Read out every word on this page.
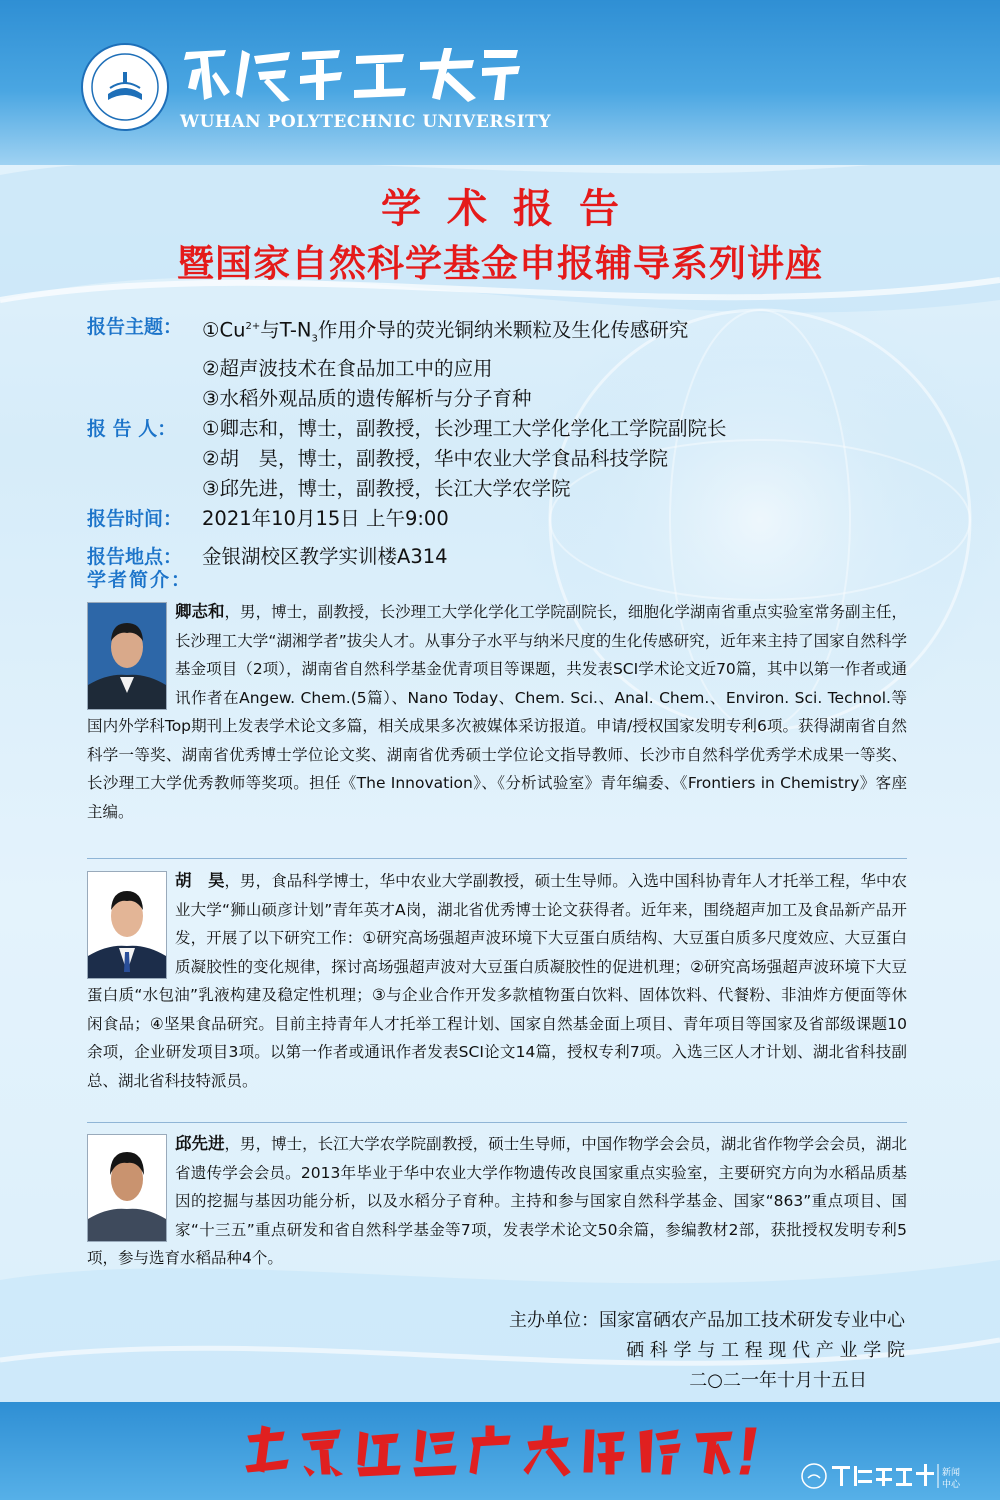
WUHAN POLYTECHNIC UNIVERSITY
学术报告
暨国家自然科学基金申报辅导系列讲座
报告主题：	$①Cu^{2+}$与$T-N_3$作用介导的荧光铜纳米颗粒及生化传感研究
②超声波技术在食品加工中的应用
③水稻外观品质的遗传解析与分子育种
报 告 人：	①卿志和，博士，副教授，长沙理工大学化学化工学院副院长
②胡　昊，博士，副教授，华中农业大学食品科技学院
③邱先进，博士，副教授，长江大学农学院
报告时间：	2021年10月15日 上午9:00
报告地点：	金银湖校区教学实训楼A314
学者简介：
卿志和，男，博士，副教授，长沙理工大学化学化工学院副院长，细胞化学湖南省重点实验室常务副主任，长沙理工大学“湖湘学者”拔尖人才。从事分子水平与纳米尺度的生化传感研究，近年来主持了国家自然科学基金项目（2项），湖南省自然科学基金优青项目等课题，共发表SCI学术论文近70篇，其中以第一作者或通讯作者在Angew. Chem.(5篇）、Nano Today、Chem. Sci.、Anal. Chem.、Environ. Sci. Technol.等国内外学科Top期刊上发表学术论文多篇，相关成果多次被媒体采访报道。申请/授权国家发明专利6项。获得湖南省自然科学一等奖、湖南省优秀博士学位论文奖、湖南省优秀硕士学位论文指导教师、长沙市自然科学优秀学术成果一等奖、长沙理工大学优秀教师等奖项。担任《The Innovation》、《分析试验室》青年编委、《Frontiers in Chemistry》客座主编。
胡　昊，男，食品科学博士，华中农业大学副教授，硕士生导师。入选中国科协青年人才托举工程，华中农业大学“狮山硕彦计划”青年英才A岗，湖北省优秀博士论文获得者。近年来，围绕超声加工及食品新产品开发，开展了以下研究工作：①研究高场强超声波环境下大豆蛋白质结构、大豆蛋白质多尺度效应、大豆蛋白质凝胶性的变化规律，探讨高场强超声波对大豆蛋白质凝胶性的促进机理；②研究高场强超声波环境下大豆蛋白质“水包油”乳液构建及稳定性机理；③与企业合作开发多款植物蛋白饮料、固体饮料、代餐粉、非油炸方便面等休闲食品；④坚果食品研究。目前主持青年人才托举工程计划、国家自然基金面上项目、青年项目等国家及省部级课题10余项，企业研发项目3项。以第一作者或通讯作者发表SCI论文14篇，授权专利7项。入选三区人才计划、湖北省科技副总、湖北省科技特派员。
邱先进，男，博士，长江大学农学院副教授，硕士生导师，中国作物学会会员，湖北省作物学会会员，湖北省遗传学会会员。2013年毕业于华中农业大学作物遗传改良国家重点实验室，主要研究方向为水稻品质基因的挖掘与基因功能分析，以及水稻分子育种。主持和参与国家自然科学基金、国家“863”重点项目、国家“十三五”重点研发和省自然科学基金等7项，发表学术论文50余篇，参编教材2部，获批授权发明专利5项，参与选育水稻品种4个。
主办单位：国家富硒农产品加工技术研发专业中心
硒 科 学 与 工 程 现 代 产 业 学 院
二○二一年十月十五日
新闻
中心
